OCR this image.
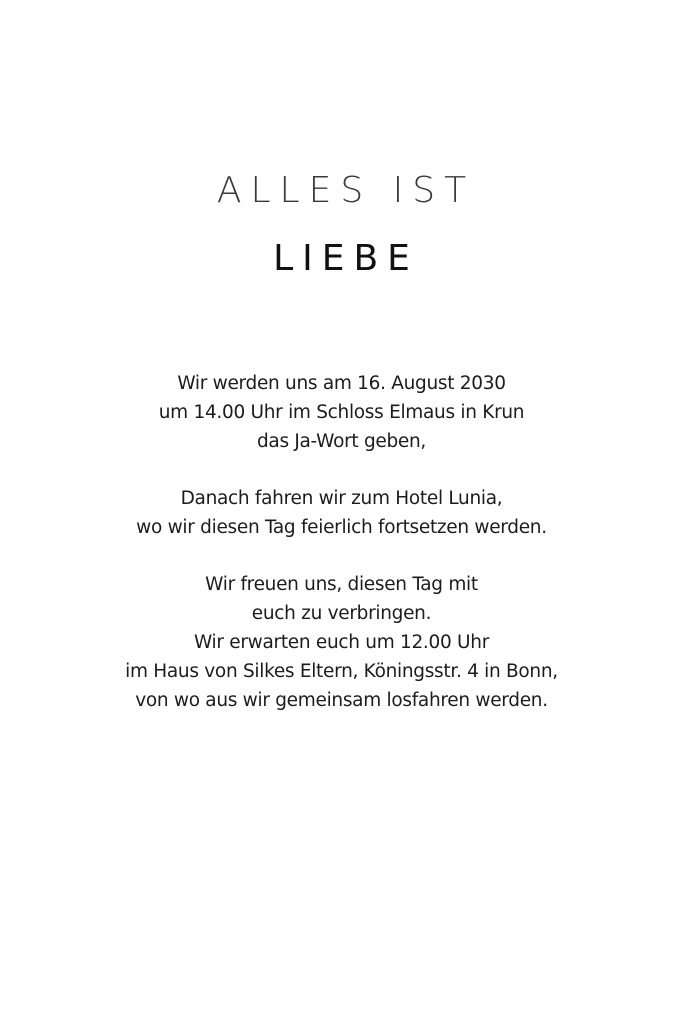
ALLES IST
LIEBE
Wir werden uns am 16. August 2030
um 14.00 Uhr im Schloss Elmaus in Krun
das Ja-Wort geben,
Danach fahren wir zum Hotel Lunia,
wo wir diesen Tag feierlich fortsetzen werden.
Wir freuen uns, diesen Tag mit
euch zu verbringen.
Wir erwarten euch um 12.00 Uhr
im Haus von Silkes Eltern, Köningsstr. 4 in Bonn,
von wo aus wir gemeinsam losfahren werden.
